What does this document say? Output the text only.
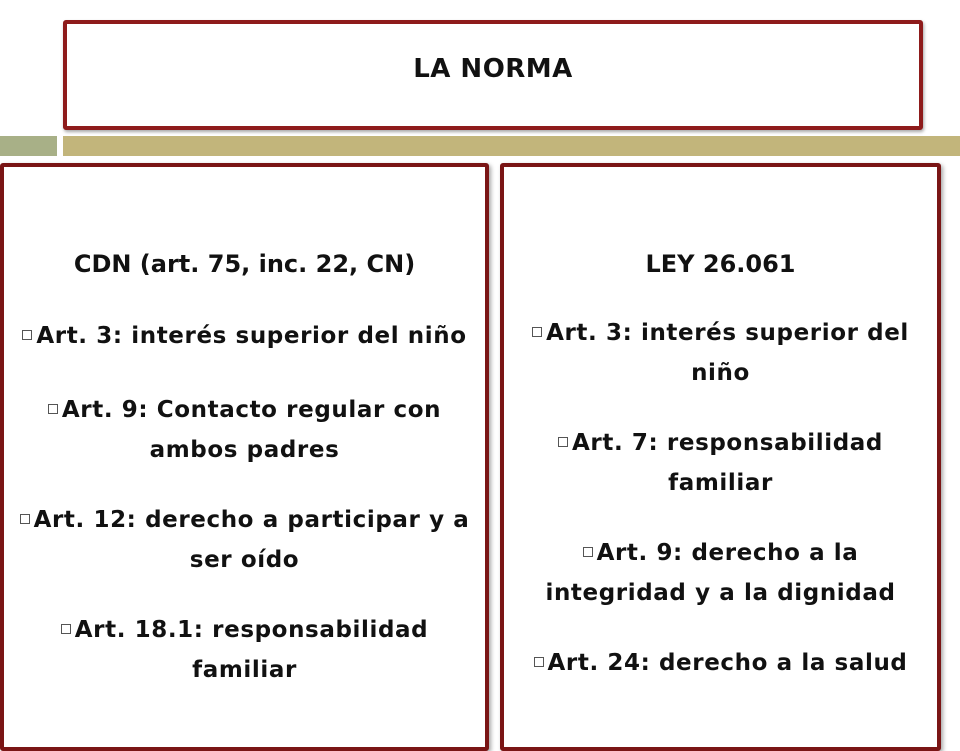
LA NORMA
CDN (art. 75, inc. 22, CN)
Art. 3: interés superior del niño
Art. 9: Contacto regular con ambos padres
Art. 12: derecho a participar y a ser oído
Art. 18.1: responsabilidad familiar
LEY 26.061
Art. 3: interés superior del niño
Art. 7: responsabilidad familiar
Art. 9: derecho a la integridad y a la dignidad
Art. 24: derecho a la salud
